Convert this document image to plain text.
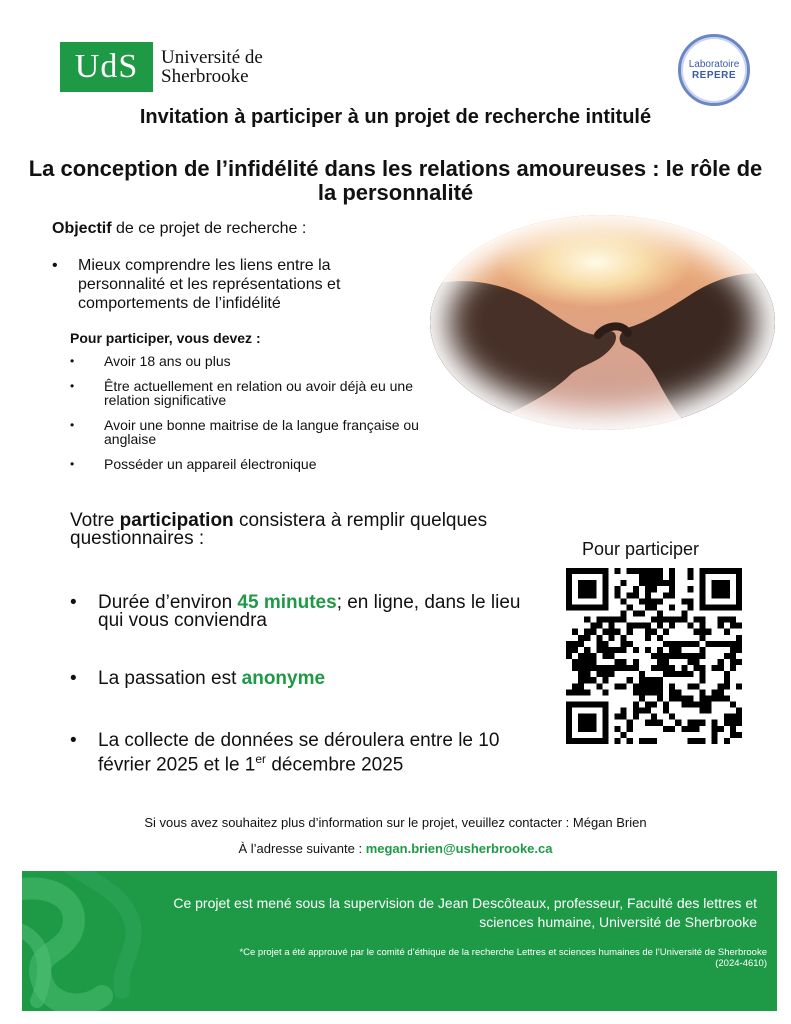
UdS	Université de
Sherbrooke
Laboratoire
REPERE
Invitation à participer à un projet de recherche intitulé
La conception de l’infidélité dans les relations amoureuses : le rôle de la personnalité
Objectif de ce projet de recherche :
• Mieux comprendre les liens entre la personnalité et les représentations et comportements de l’infidélité
Pour participer, vous devez :
• Avoir 18 ans ou plus
• Être actuellement en relation ou avoir déjà eu une relation significative
• Avoir une bonne maitrise de la langue française ou anglaise
• Posséder un appareil électronique
Votre participation consistera à remplir quelques questionnaires :
• Durée d’environ 45 minutes; en ligne, dans le lieu qui vous conviendra
• La passation est anonyme
• La collecte de données se déroulera entre le 10 février 2025 et le 1er décembre 2025
Pour participer
Si vous avez souhaitez plus d’information sur le projet, veuillez contacter : Mégan Brien
À l’adresse suivante : megan.brien@usherbrooke.ca
Ce projet est mené sous la supervision de Jean Descôteaux, professeur, Faculté des lettres et sciences humaine, Université de Sherbrooke
*Ce projet a été approuvé par le comité d’éthique de la recherche Lettres et sciences humaines de l’Université de Sherbrooke
(2024-4610)
